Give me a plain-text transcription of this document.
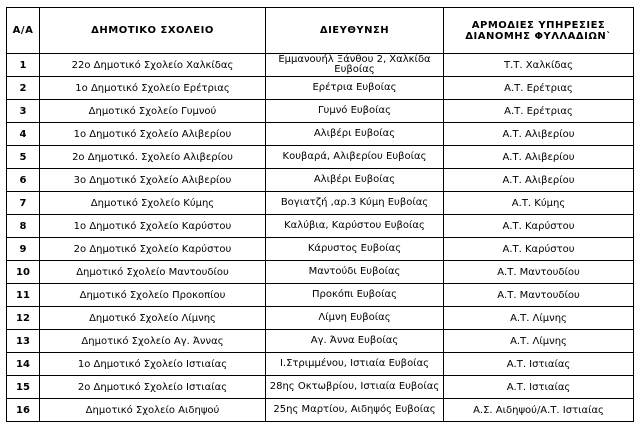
Α/Α	ΔΗΜΟΤΙΚΟ ΣΧΟΛΕΙΟ	ΔΙΕΥΘΥΝΣΗ	ΑΡΜΟΔΙΕΣ ΥΠΗΡΕΣΙΕΣ ΔΙΑΝΟΜΗΣ ΦΥΛΛΑΔΙΩΝ`
1	22ο Δημοτικό Σχολείο Χαλκίδας	Εμμανουήλ Ξάνθου 2, Χαλκίδα Ευβοίας	Τ.Τ. Χαλκίδας
2	1ο Δημοτικό Σχολείο Ερέτριας	Ερέτρια Ευβοίας	Α.Τ. Ερέτριας
3	Δημοτικό Σχολείο Γυμνού	Γυμνό Ευβοίας	Α.Τ. Ερέτριας
4	1ο Δημοτικό Σχολείο Αλιβερίου	Αλιβέρι Ευβοίας	Α.Τ. Αλιβερίου
5	2ο Δημοτικό. Σχολείο Αλιβερίου	Κουβαρά, Αλιβερίου Ευβοίας	Α.Τ. Αλιβερίου
6	3ο Δημοτικό Σχολείο Αλιβερίου	Αλιβέρι Ευβοίας	Α.Τ. Αλιβερίου
7	Δημοτικό Σχολείο Κύμης	Βογιατζή ,αρ.3 Κύμη Ευβοίας	Α.Τ. Κύμης
8	1ο Δημοτικό Σχολείο Καρύστου	Καλύβια, Καρύστου Ευβοίας	Α.Τ. Καρύστου
9	2ο Δημοτικό Σχολείο Καρύστου	Κάρυστος Ευβοίας	Α.Τ. Καρύστου
10	Δημοτικό Σχολείο Μαντουδίου	Μαντούδι Ευβοίας	Α.Τ. Μαντουδίου
11	Δημοτικό Σχολείο Προκοπίου	Προκόπι Ευβοίας	Α.Τ. Μαντουδίου
12	Δημοτικό Σχολείο Λίμνης	Λίμνη Ευβοίας	Α.Τ. Λίμνης
13	Δημοτικό Σχολείο Αγ. Άννας	Αγ. Άννα Ευβοίας	Α.Τ. Λίμνης
14	1ο Δημοτικό Σχολείο Ιστιαίας	Ι.Στριμμένου, Ιστιαία Ευβοίας	Α.Τ. Ιστιαίας
15	2ο Δημοτικό Σχολείο Ιστιαίας	28ης Οκτωβρίου, Ιστιαία Ευβοίας	Α.Τ. Ιστιαίας
16	Δημοτικό Σχολείο Αιδηψού	25ης Μαρτίου, Αιδηψός Ευβοίας	Α.Σ. Αιδηψού/Α.Τ. Ιστιαίας
